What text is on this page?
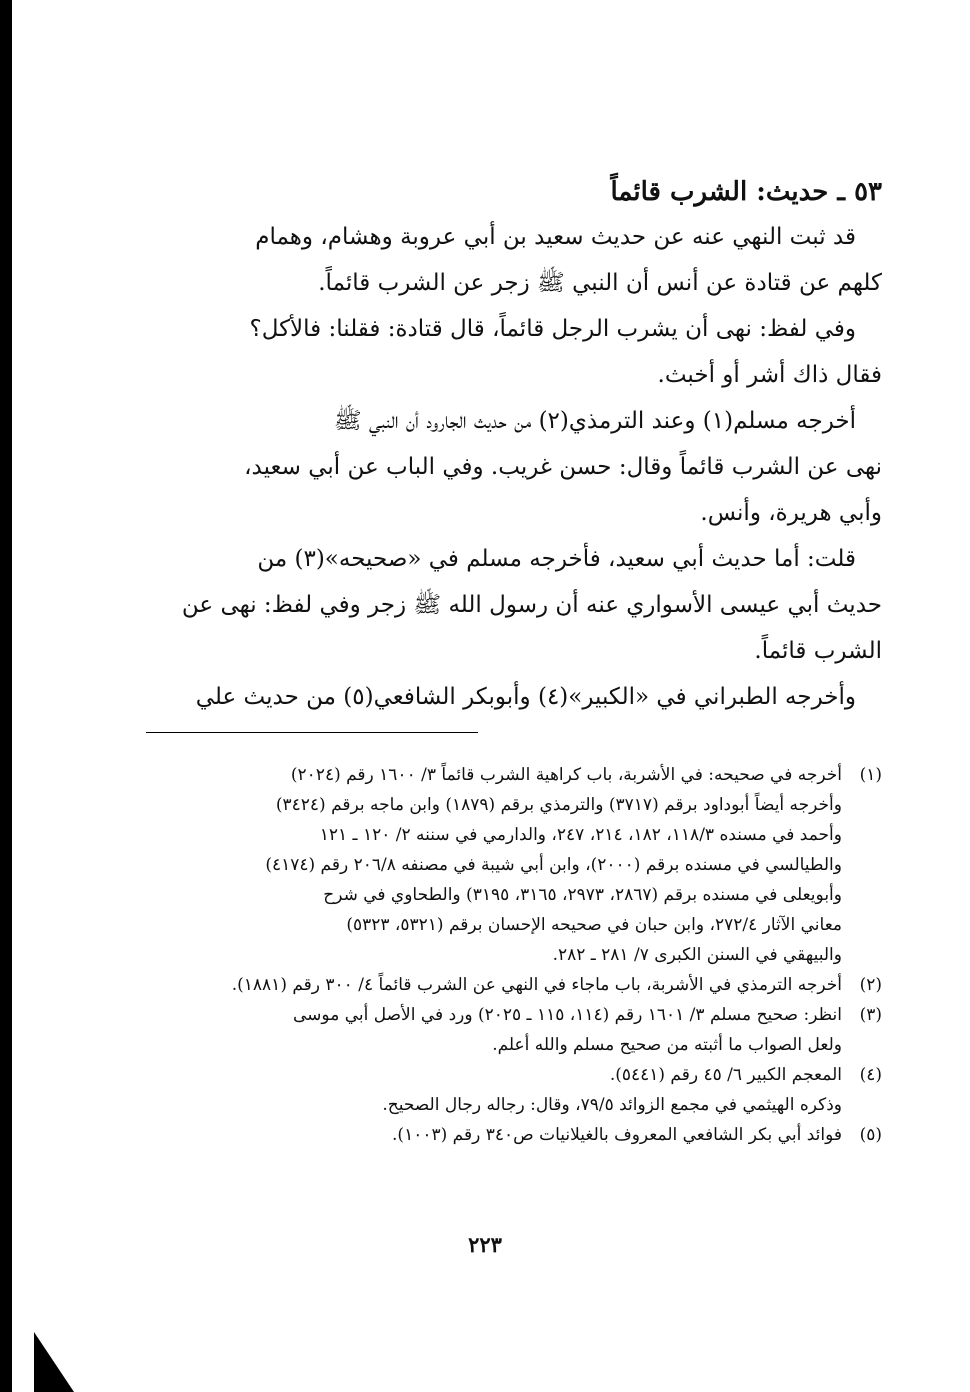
٥٣ ـ حديث: الشرب قائماً

قد ثبت النهي عنه عن حديث سعيد بن أبي عروبة وهشام، وهمام
كلهم عن قتادة عن أنس أن النبي ﷺ زجر عن الشرب قائماً.

وفي لفظ: نهى أن يشرب الرجل قائماً، قال قتادة: فقلنا: فالأكل؟
فقال ذاك أشر أو أخبث.

أخرجه مسلم(١) وعند الترمذي(٢) من حديث الجارود أن النبي ﷺ
نهى عن الشرب قائماً وقال: حسن غريب. وفي الباب عن أبي سعيد،
وأبي هريرة، وأنس.

قلت: أما حديث أبي سعيد، فأخرجه مسلم في «صحيحه»(٣) من
حديث أبي عيسى الأسواري عنه أن رسول الله ﷺ زجر وفي لفظ: نهى عن
الشرب قائماً.

وأخرجه الطبراني في «الكبير»(٤) وأبوبكر الشافعي(٥) من حديث علي

(١)
أخرجه في صحيحه: في الأشربة، باب كراهية الشرب قائماً ٣/ ١٦٠٠ رقم (٢٠٢٤)
وأخرجه أيضاً أبوداود برقم (٣٧١٧) والترمذي برقم (١٨٧٩) وابن ماجه برقم (٣٤٢٤)
وأحمد في مسنده ١١٨/٣، ١٨٢، ٢١٤، ٢٤٧، والدارمي في سننه ٢/ ١٢٠ ـ ١٢١
والطيالسي في مسنده برقم (٢٠٠٠)، وابن أبي شيبة في مصنفه ٢٠٦/٨ رقم (٤١٧٤)
وأبويعلى في مسنده برقم (٢٨٦٧، ٢٩٧٣، ٣١٦٥، ٣١٩٥) والطحاوي في شرح
معاني الآثار ٢٧٢/٤، وابن حبان في صحيحه الإحسان برقم (٥٣٢١، ٥٣٢٣)
والبيهقي في السنن الكبرى ٧/ ٢٨١ ـ ٢٨٢.
(٢)
أخرجه الترمذي في الأشربة، باب ماجاء في النهي عن الشرب قائماً ٤/ ٣٠٠ رقم (١٨٨١).
(٣)
انظر: صحيح مسلم ٣/ ١٦٠١ رقم (١١٤، ١١٥ ـ ٢٠٢٥) ورد في الأصل أبي موسى
ولعل الصواب ما أثبته من صحيح مسلم والله أعلم.
(٤)
المعجم الكبير ٦/ ٤٥ رقم (٥٤٤١).
وذكره الهيثمي في مجمع الزوائد ٧٩/٥، وقال: رجاله رجال الصحيح.
(٥)
فوائد أبي بكر الشافعي المعروف بالغيلانيات ص٣٤٠ رقم (١٠٠٣).
٢٢٣
